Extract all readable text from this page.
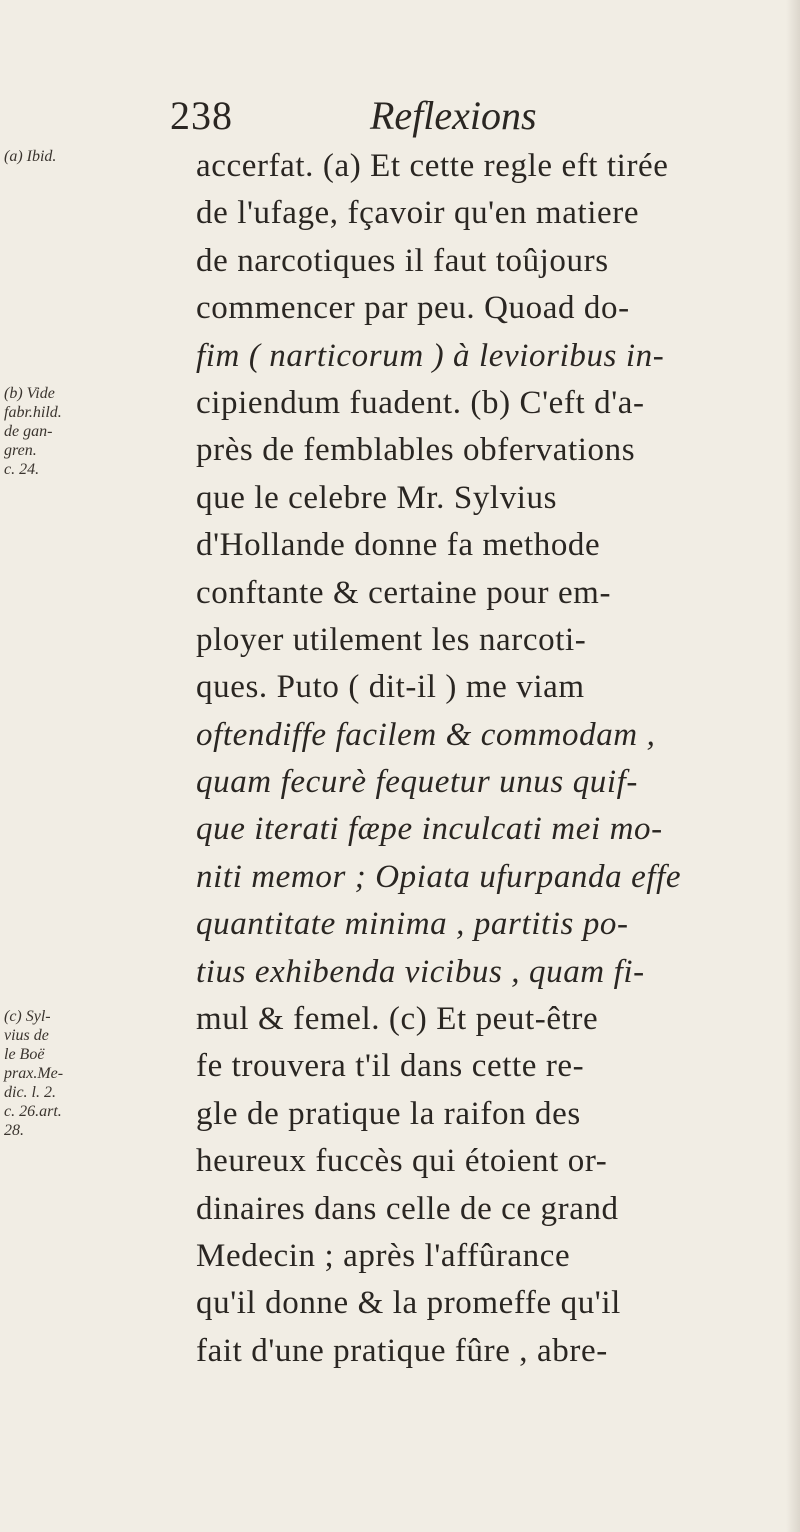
238	Reflexions
(a) Ibid.
(b) Vide
fabr.hild.
de gan-
gren.
c. 24.
(c) Syl-
vius de
le Boë
prax.Me-
dic. l. 2.
c. 26.art.
28.
accerfat. (a) Et cette regle eft tirée
de l'ufage, fçavoir qu'en matiere
de narcotiques il faut toûjours
commencer par peu. Quoad do-
fim ( narticorum ) à levioribus in-
cipiendum fuadent. (b) C'eft d'a-
près de femblables obfervations
que le celebre Mr. Sylvius
d'Hollande donne fa methode
conftante & certaine pour em-
ployer utilement les narcoti-
ques. Puto ( dit-il ) me viam
oftendiffe facilem & commodam ,
quam fecurè fequetur unus quif-
que iterati fæpe inculcati mei mo-
niti memor ; Opiata ufurpanda effe
quantitate minima , partitis po-
tius exhibenda vicibus , quam fi-
mul & femel. (c) Et peut-être
fe trouvera t'il dans cette re-
gle de pratique la raifon des
heureux fuccès qui étoient or-
dinaires dans celle de ce grand
Medecin ; après l'affûrance
qu'il donne & la promeffe qu'il
fait d'une pratique fûre , abre-
